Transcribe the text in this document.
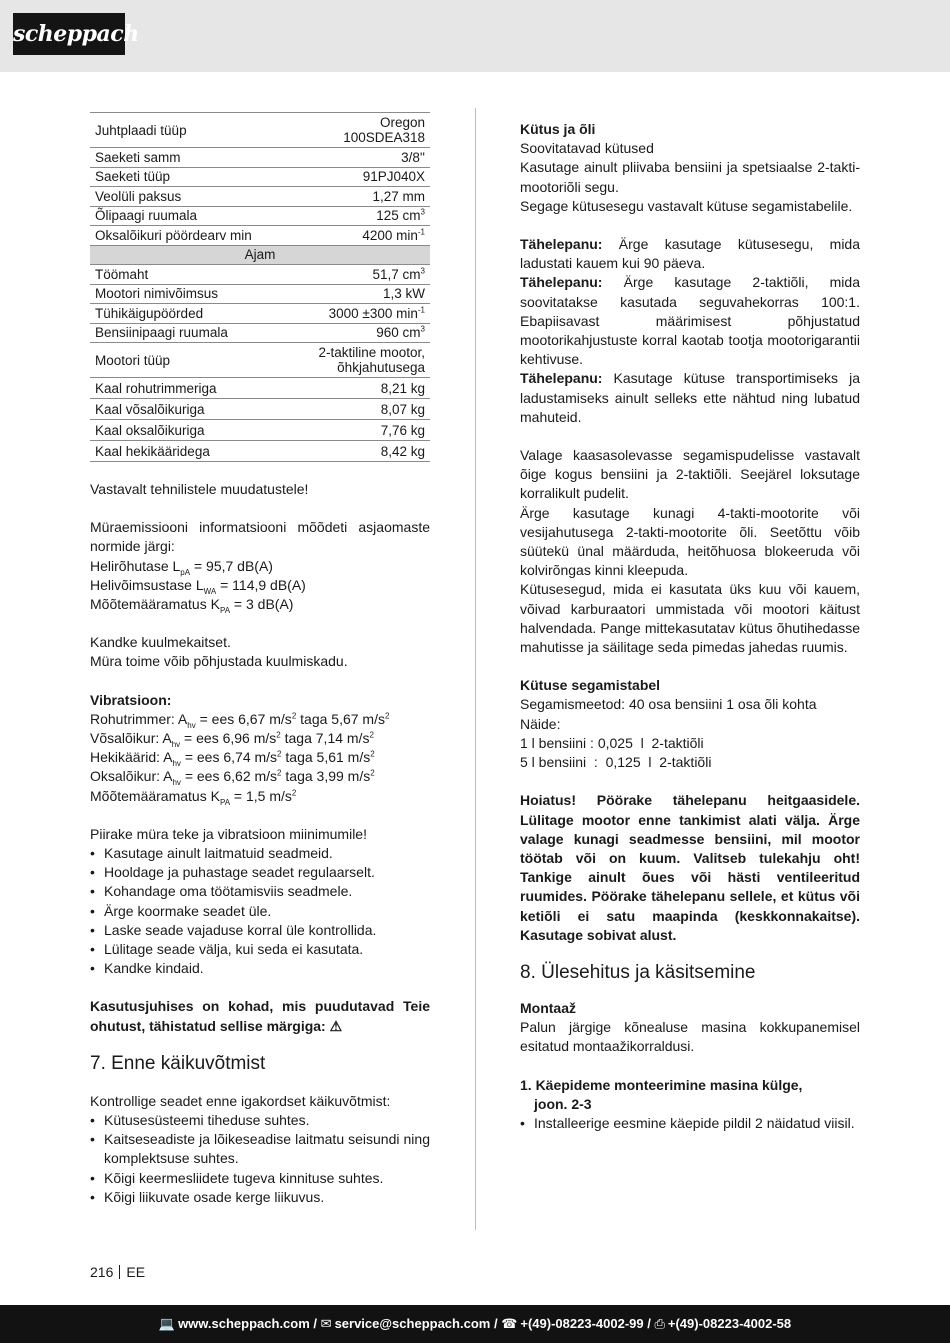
scheppach
Juhtplaadi tüüp	Oregon
100SDEA318
Saeketi samm	3/8''
Saeketi tüüp	91PJ040X
Veolüli paksus	1,27 mm
Õlipaagi ruumala	125 $cm^3$
Oksalõikuri pöördearv min	4200 $\min^{-1}$
Ajam	
Töömaht	51,7 $cm^3$
Mootori nimivõimsus	1,3 kW
Tühikäigupöörded	3000 ±300 $\min^{-1}$
Bensiinipaagi ruumala	960 $cm^3$
Mootori tüüp	2-taktiline mootor,
õhkjahutusega
Kaal rohutrimmeriga	8,21 kg
Kaal võsalõikuriga	8,07 kg
Kaal oksalõikuriga	7,76 kg
Kaal hekikääridega	8,42 kg

Vastavalt tehnilistele muudatustele!

Müraemissiooni informatsiooni mõõdeti asjaomaste normide järgi:

Helirõhutase $L_{pA} = 95,7$ dB(A)

Helivõimsustase $L_{WA} = 114,9$ dB(A)

Mõõtemääramatus $K_{PA} = 3$ dB(A)

Kandke kuulmekaitset.

Müra toime võib põhjustada kuulmiskadu.

Vibratsioon:

Rohutrimmer: $A_{hv}$ = ees 6,67 $m/s^2$ taga 5,67 $m/s^2$

Võsalõikur: $A_{hv}$ = ees 6,96 $m/s^2$ taga 7,14 $m/s^2$

Hekikäärid: $A_{hv}$ = ees 6,74 $m/s^2$ taga 5,61 $m/s^2$

Oksalõikur: $A_{hv}$ = ees 6,62 $m/s^2$ taga 3,99 $m/s^2$

Mõõtemääramatus $K_{PA} = 1,5$ $m/s^2$

Piirake müra teke ja vibratsioon miinimumile!

• Kasutage ainult laitmatuid seadmeid.
• Hooldage ja puhastage seadet regulaarselt.
• Kohandage oma töötamisviis seadmele.
• Ärge koormake seadet üle.
• Laske seade vajaduse korral üle kontrollida.
• Lülitage seade välja, kui seda ei kasutata.
• Kandke kindaid.

Kasutusjuhises on kohad, mis puudutavad Teie ohutust, tähistatud sellise märgiga: ⚠

7. Enne käikuvõtmist

Kontrollige seadet enne igakordset käikuvõtmist:

• Kütusesüsteemi tiheduse suhtes.
• Kaitseseadiste ja lõikeseadise laitmatu seisundi ning komplektsuse suhtes.
• Kõigi keermesliidete tugeva kinnituse suhtes.
• Kõigi liikuvate osade kerge liikuvus.

Kütus ja õli

Soovitatavad kütused

Kasutage ainult pliivaba bensiini ja spetsiaalse 2-takti-mootoriõli segu.

Segage kütusesegu vastavalt kütuse segamistabelile.

Tähelepanu: Ärge kasutage kütusesegu, mida ladustati kauem kui 90 päeva.

Tähelepanu: Ärge kasutage 2-taktiõli, mida soovitatakse kasutada seguvahekorras 100:1. Ebapiisavast määrimisest põhjustatud mootorikahjustuste korral kaotab tootja mootorigarantii kehtivuse.

Tähelepanu: Kasutage kütuse transportimiseks ja ladustamiseks ainult selleks ette nähtud ning lubatud mahuteid.

Valage kaasasolevasse segamispudelisse vastavalt õige kogus bensiini ja 2-taktiõli. Seejärel loksutage korralikult pudelit.

Ärge kasutage kunagi 4-takti-mootorite või vesijahutusega 2-takti-mootorite õli. Seetõttu võib süütekü ünal määrduda, heitõhuosa blokeeruda või kolvirõngas kinni kleepuda.

Kütusesegud, mida ei kasutata üks kuu või kauem, võivad karburaatori ummistada või mootori käitust halvendada. Pange mittekasutatav kütus õhutihedasse mahutisse ja säilitage seda pimedas jahedas ruumis.

Kütuse segamistabel

Segamismeetod: 40 osa bensiini 1 osa õli kohta

Näide:

1 l bensiini : 0,025  l  2-taktiõli

5 l bensiini  :  0,125  l  2-taktiõli

Hoiatus! Pöörake tähelepanu heitgaasidele. Lülitage mootor enne tankimist alati välja. Ärge valage kunagi seadmesse bensiini, mil mootor töötab või on kuum. Valitseb tulekahju oht! Tankige ainult õues või hästi ventileeritud ruumides. Pöörake tähelepanu sellele, et kütus või ketiõli ei satu maapinda (keskkonnakaitse). Kasutage sobivat alust.

8. Ülesehitus ja käsitsemine

Montaaž

Palun järgige kõnealuse masina kokkupanemisel esitatud montaažikorraldusi.

1. Käepideme monteerimine masina külge,

joon. 2-3

• Installeerige eesmine käepide pildil 2 näidatud viisil.
216 EE
💻 www.scheppach.com / ✉ service@scheppach.com / ☎ +(49)-08223-4002-99 / ⎙ +(49)-08223-4002-58
